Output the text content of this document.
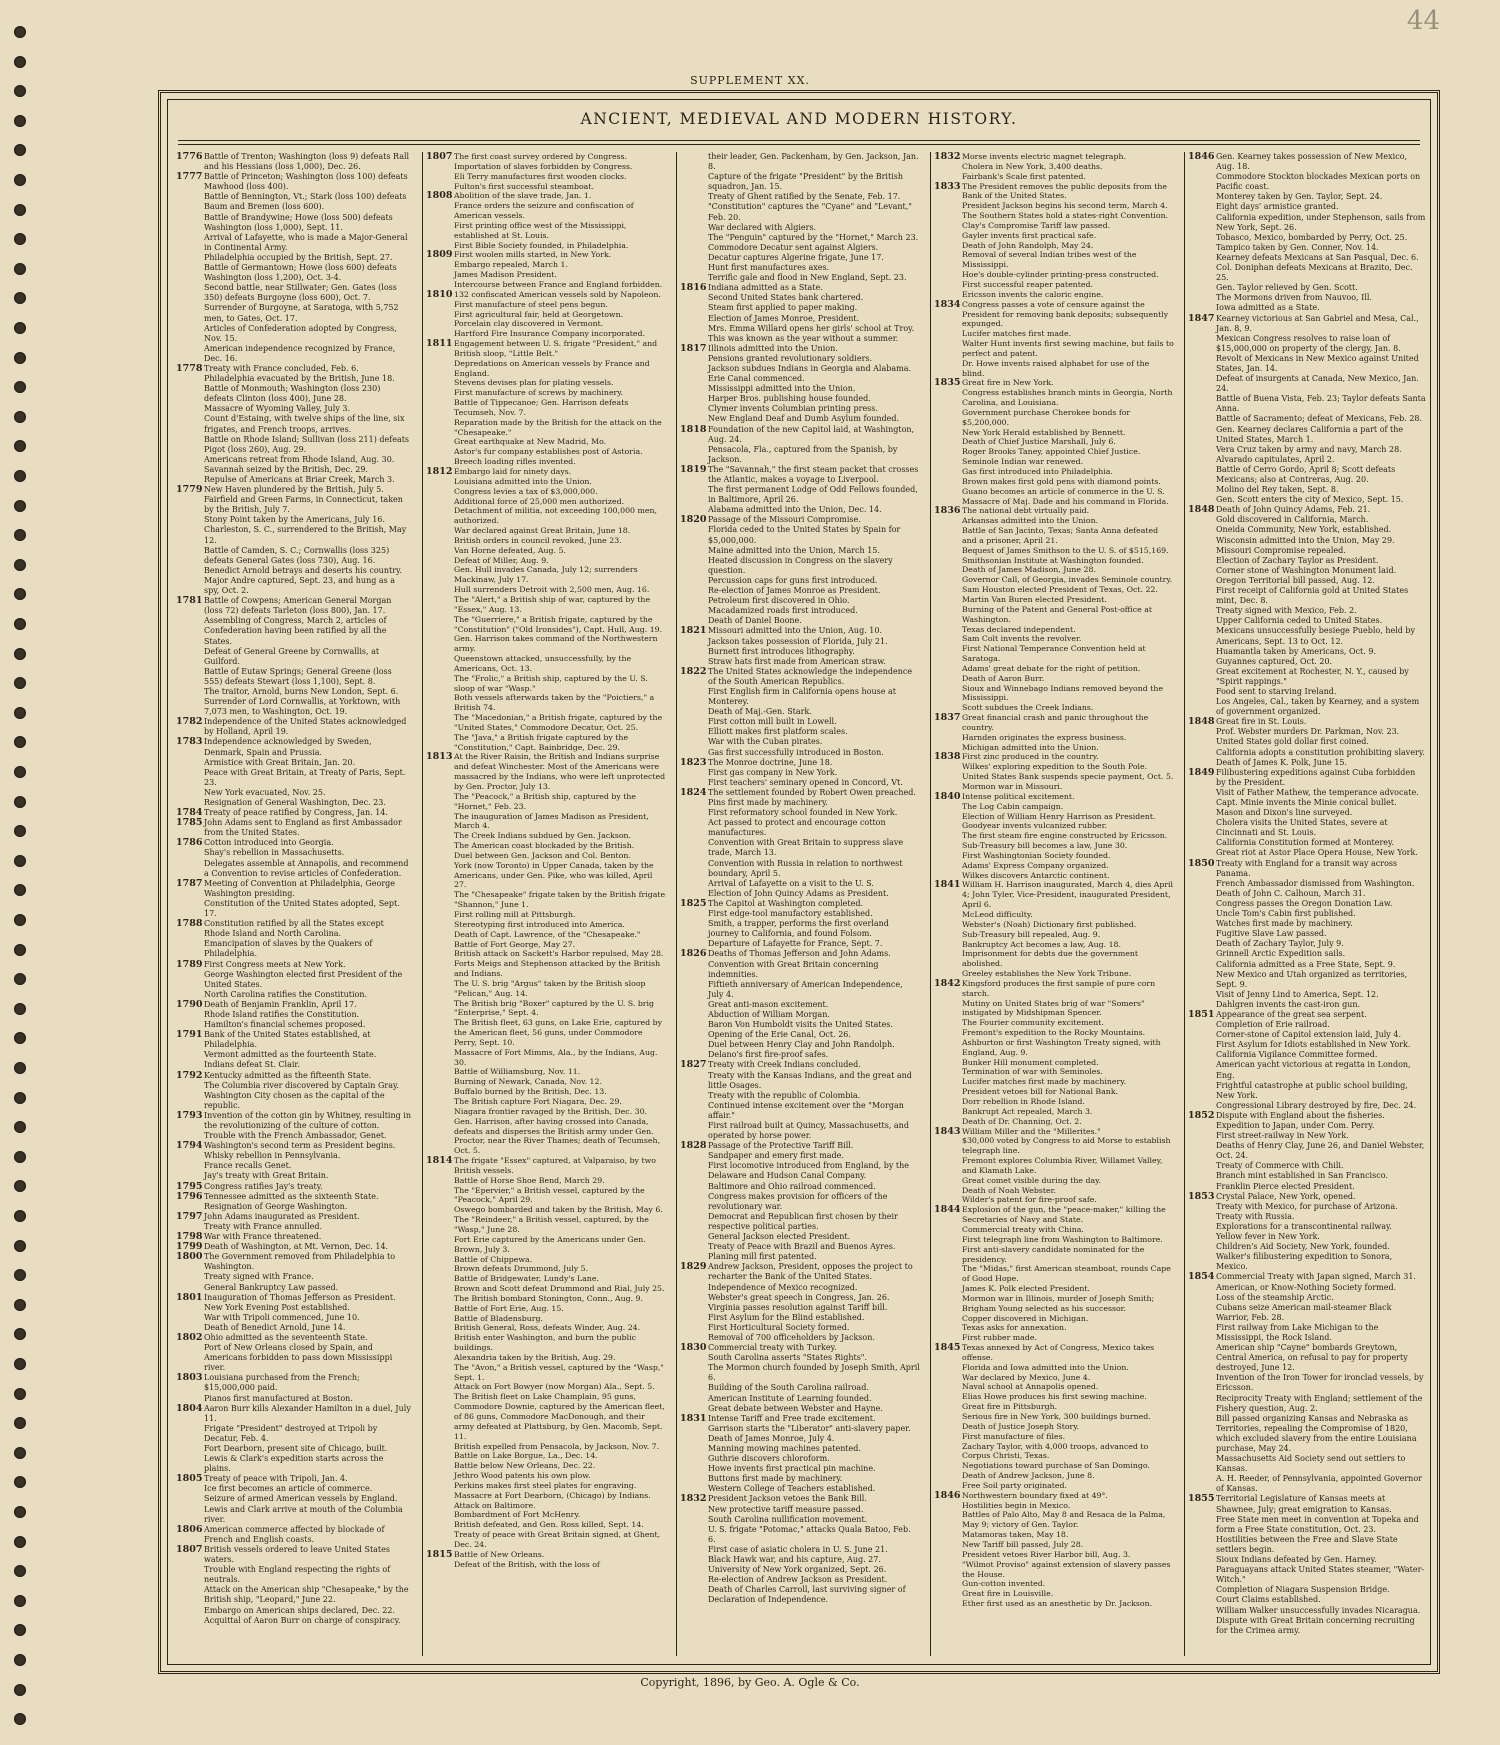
44
SUPPLEMENT XX.
ANCIENT, MEDIEVAL AND MODERN HISTORY.
1776 Battle of Trenton; Washington (loss 9) defeats Rall and his Hessians (loss 1,000), Dec. 26.
1777 Battle of Princeton; Washington (loss 100) defeats Mawhood (loss 400).
Battle of Bennington, Vt.; Stark (loss 100) defeats Baum and Bremen (loss 600).
Battle of Brandywine; Howe (loss 500) defeats Washington (loss 1,000), Sept. 11.
Arrival of Lafayette, who is made a Major-General in Continental Army.
Philadelphia occupied by the British, Sept. 27.
Battle of Germantown; Howe (loss 600) defeats Washington (loss 1,200), Oct. 3-4.
Second battle, near Stillwater; Gen. Gates (loss 350) defeats Burgoyne (loss 600), Oct. 7.
Surrender of Burgoyne, at Saratoga, with 5,752 men, to Gates, Oct. 17.
Articles of Confederation adopted by Congress, Nov. 15.
American independence recognized by France, Dec. 16.
1778 Treaty with France concluded, Feb. 6.
Philadelphia evacuated by the British, June 18.
Battle of Monmouth; Washington (loss 230) defeats Clinton (loss 400), June 28.
Massacre of Wyoming Valley, July 3.
Count d'Estaing, with twelve ships of the line, six frigates, and French troops, arrives.
Battle on Rhode Island; Sullivan (loss 211) defeats Pigot (loss 260), Aug. 29.
Americans retreat from Rhode Island, Aug. 30.
Savannah seized by the British, Dec. 29.
Repulse of Americans at Briar Creek, March 3.
1779 New Haven plundered by the British, July 5.
Fairfield and Green Farms, in Connecticut, taken by the British, July 7.
Stony Point taken by the Americans, July 16.
Charleston, S. C., surrendered to the British, May 12.
Battle of Camden, S. C.; Cornwallis (loss 325) defeats General Gates (loss 730), Aug. 16.
Benedict Arnold betrays and deserts his country.
Major Andre captured, Sept. 23, and hung as a spy, Oct. 2.
1781 Battle of Cowpens; American General Morgan (loss 72) defeats Tarleton (loss 800), Jan. 17.
Assembling of Congress, March 2, articles of Confederation having been ratified by all the States.
Defeat of General Greene by Cornwallis, at Guilford.
Battle of Eutaw Springs; General Greene (loss 555) defeats Stewart (loss 1,100), Sept. 8.
The traitor, Arnold, burns New London, Sept. 6.
Surrender of Lord Cornwallis, at Yorktown, with 7,073 men, to Washington, Oct. 19.
1782 Independence of the United States acknowledged by Holland, April 19.
1783 Independence acknowledged by Sweden, Denmark, Spain and Prussia.
Armistice with Great Britain, Jan. 20.
Peace with Great Britain, at Treaty of Paris, Sept. 23.
New York evacuated, Nov. 25.
Resignation of General Washington, Dec. 23.
1784 Treaty of peace ratified by Congress, Jan. 14.
1785 John Adams sent to England as first Ambassador from the United States.
1786 Cotton introduced into Georgia.
Shay's rebellion in Massachusetts.
Delegates assemble at Annapolis, and recommend a Convention to revise articles of Confederation.
1787 Meeting of Convention at Philadelphia, George Washington presiding.
Constitution of the United States adopted, Sept. 17.
1788 Constitution ratified by all the States except Rhode Island and North Carolina.
Emancipation of slaves by the Quakers of Philadelphia.
1789 First Congress meets at New York.
George Washington elected first President of the United States.
North Carolina ratifies the Constitution.
1790 Death of Benjamin Franklin, April 17.
Rhode Island ratifies the Constitution.
Hamilton's financial schemes proposed.
1791 Bank of the United States established, at Philadelphia.
Vermont admitted as the fourteenth State.
Indians defeat St. Clair.
1792 Kentucky admitted as the fifteenth State.
The Columbia river discovered by Captain Gray.
Washington City chosen as the capital of the republic.
1793 Invention of the cotton gin by Whitney, resulting in the revolutionizing of the culture of cotton.
Trouble with the French Ambassador, Genet.
1794 Washington's second term as President begins.
Whisky rebellion in Pennsylvania.
France recalls Genet.
Jay's treaty with Great Britain.
1795 Congress ratifies Jay's treaty.
1796 Tennessee admitted as the sixteenth State.
Resignation of George Washington.
1797 John Adams inaugurated as President.
Treaty with France annulled.
1798 War with France threatened.
1799 Death of Washington, at Mt. Vernon, Dec. 14.
1800 The Government removed from Philadelphia to Washington.
Treaty signed with France.
General Bankruptcy Law passed.
1801 Inauguration of Thomas Jefferson as President.
New York Evening Post established.
War with Tripoli commenced, June 10.
Death of Benedict Arnold, June 14.
1802 Ohio admitted as the seventeenth State.
Port of New Orleans closed by Spain, and Americans forbidden to pass down Mississippi river.
1803 Louisiana purchased from the French; $15,000,000 paid.
Pianos first manufactured at Boston.
1804 Aaron Burr kills Alexander Hamilton in a duel, July 11.
Frigate "President" destroyed at Tripoli by Decatur, Feb. 4.
Fort Dearborn, present site of Chicago, built.
Lewis & Clark's expedition starts across the plains.
1805 Treaty of peace with Tripoli, Jan. 4.
Ice first becomes an article of commerce.
Seizure of armed American vessels by England.
Lewis and Clark arrive at mouth of the Columbia river.
1806 American commerce affected by blockade of French and English coasts.
1807 British vessels ordered to leave United States waters.
Trouble with England respecting the rights of neutrals.
Attack on the American ship "Chesapeake," by the British ship, "Leopard," June 22.
Embargo on American ships declared, Dec. 22.
Acquittal of Aaron Burr on charge of conspiracy.
1807 The first coast survey ordered by Congress.
Importation of slaves forbidden by Congress.
Eli Terry manufactures first wooden clocks.
Fulton's first successful steamboat.
1808 Abolition of the slave trade, Jan. 1.
France orders the seizure and confiscation of American vessels.
First printing office west of the Mississippi, established at St. Louis.
First Bible Society founded, in Philadelphia.
1809 First woolen mills started, in New York.
Embargo repealed, March 1.
James Madison President.
Intercourse between France and England forbidden.
1810 132 confiscated American vessels sold by Napoleon.
First manufacture of steel pens begun.
First agricultural fair, held at Georgetown.
Porcelain clay discovered in Vermont.
Hartford Fire Insurance Company incorporated.
1811 Engagement between U. S. frigate "President," and British sloop, "Little Belt."
Depredations on American vessels by France and England.
Stevens devises plan for plating vessels.
First manufacture of screws by machinery.
Battle of Tippecanoe; Gen. Harrison defeats Tecumseh, Nov. 7.
Reparation made by the British for the attack on the "Chesapeake."
Great earthquake at New Madrid, Mo.
Astor's fur company establishes post of Astoria.
Breech loading rifles invented.
1812 Embargo laid for ninety days.
Louisiana admitted into the Union.
Congress levies a tax of $3,000,000.
Additional force of 25,000 men authorized.
Detachment of militia, not exceeding 100,000 men, authorized.
War declared against Great Britain, June 18.
British orders in council revoked, June 23.
Van Horne defeated, Aug. 5.
Defeat of Miller, Aug. 9.
Gen. Hull invades Canada, July 12; surrenders Mackinaw, July 17.
Hull surrenders Detroit with 2,500 men, Aug. 16.
The "Alert," a British ship of war, captured by the "Essex," Aug. 13.
The "Guerriere," a British frigate, captured by the "Constitution" ("Old Ironsides"), Capt. Hull, Aug. 19.
Gen. Harrison takes command of the Northwestern army.
Queenstown attacked, unsuccessfully, by the Americans, Oct. 13.
The "Frolic," a British ship, captured by the U. S. sloop of war "Wasp."
Both vessels afterwards taken by the "Poictiers," a British 74.
The "Macedonian," a British frigate, captured by the "United States," Commodore Decatur, Oct. 25.
The "Java," a British frigate captured by the "Constitution," Capt. Bainbridge, Dec. 29.
1813 At the River Raisin, the British and Indians surprise and defeat Winchester. Most of the Americans were massacred by the Indians, who were left unprotected by Gen. Proctor, July 13.
The "Peacock," a British ship, captured by the "Hornet," Feb. 23.
The inauguration of James Madison as President, March 4.
The Creek Indians subdued by Gen. Jackson.
The American coast blockaded by the British.
Duel between Gen. Jackson and Col. Benton.
York (now Toronto) in Upper Canada, taken by the Americans, under Gen. Pike, who was killed, April 27.
The "Chesapeake" frigate taken by the British frigate "Shannon," June 1.
First rolling mill at Pittsburgh.
Stereotyping first introduced into America.
Death of Capt. Lawrence, of the "Chesapeake."
Battle of Fort George, May 27.
British attack on Sackett's Harbor repulsed, May 28.
Forts Meigs and Stephenson attacked by the British and Indians.
The U. S. brig "Argus" taken by the British sloop "Pelican," Aug. 14.
The British brig "Boxer" captured by the U. S. brig "Enterprise," Sept. 4.
The British fleet, 63 guns, on Lake Erie, captured by the American fleet, 56 guns, under Commodore Perry, Sept. 10.
Massacre of Fort Mimms, Ala., by the Indians, Aug. 30.
Battle of Williamsburg, Nov. 11.
Burning of Newark, Canada, Nov. 12.
Buffalo burned by the British, Dec. 13.
The British capture Fort Niagara, Dec. 29.
Niagara frontier ravaged by the British, Dec. 30.
Gen. Harrison, after having crossed into Canada, defeats and disperses the British army under Gen. Proctor, near the River Thames; death of Tecumseh, Oct. 5.
1814 The frigate "Essex" captured, at Valparaiso, by two British vessels.
Battle of Horse Shoe Bend, March 29.
The "Epervier," a British vessel, captured by the "Peacock," April 29.
Oswego bombarded and taken by the British, May 6.
The "Reindeer," a British vessel, captured, by the "Wasp," June 28.
Fort Erie captured by the Americans under Gen. Brown, July 3.
Battle of Chippewa.
Brown defeats Drummond, July 5.
Battle of Bridgewater, Lundy's Lane.
Brown and Scott defeat Drummond and Rial, July 25.
The British bombard Stonington, Conn., Aug. 9.
Battle of Fort Erie, Aug. 15.
Battle of Bladensburg.
British General, Ross, defeats Winder, Aug. 24.
British enter Washington, and burn the public buildings.
Alexandria taken by the British, Aug. 29.
The "Avon," a British vessel, captured by the "Wasp," Sept. 1.
Attack on Fort Bowyer (now Morgan) Ala., Sept. 5.
The British fleet on Lake Champlain, 95 guns, Commodore Downie, captured by the American fleet, of 86 guns, Commodore MacDonough, and their army defeated at Plattsburg, by Gen. Macomb, Sept. 11.
British expelled from Pensacola, by Jackson, Nov. 7.
Battle on Lake Borgue, La., Dec. 14.
Battle below New Orleans, Dec. 22.
Jethro Wood patents his own plow.
Perkins makes first steel plates for engraving.
Massacre at Fort Dearborn, (Chicago) by Indians.
Attack on Baltimore.
Bombardment of Fort McHenry.
British defeated, and Gen. Ross killed, Sept. 14.
Treaty of peace with Great Britain signed, at Ghent, Dec. 24.
1815 Battle of New Orleans.
Defeat of the British, with the loss of
their leader, Gen. Packenham, by Gen. Jackson, Jan. 8.
Capture of the frigate "President" by the British squadron, Jan. 15.
Treaty of Ghent ratified by the Senate, Feb. 17.
"Constitution" captures the "Cyane" and "Levant," Feb. 20.
War declared with Algiers.
The "Penguin" captured by the "Hornet," March 23.
Commodore Decatur sent against Algiers.
Decatur captures Algerine frigate, June 17.
Hunt first manufactures axes.
Terrific gale and flood in New England, Sept. 23.
1816 Indiana admitted as a State.
Second United States bank chartered.
Steam first applied to paper making.
Election of James Monroe, President.
Mrs. Emma Willard opens her girls' school at Troy.
This was known as the year without a summer.
1817 Illinois admitted into the Union.
Pensions granted revolutionary soldiers.
Jackson subdues Indians in Georgia and Alabama.
Erie Canal commenced.
Mississippi admitted into the Union.
Harper Bros. publishing house founded.
Clymer invents Columbian printing press.
New England Deaf and Dumb Asylum founded.
1818 Foundation of the new Capitol laid, at Washington, Aug. 24.
Pensacola, Fla., captured from the Spanish, by Jackson.
1819 The "Savannah," the first steam packet that crosses the Atlantic, makes a voyage to Liverpool.
The first permanent Lodge of Odd Fellows founded, in Baltimore, April 26.
Alabama admitted into the Union, Dec. 14.
1820 Passage of the Missouri Compromise.
Florida ceded to the United States by Spain for $5,000,000.
Maine admitted into the Union, March 15.
Heated discussion in Congress on the slavery question.
Percussion caps for guns first introduced.
Re-election of James Monroe as President.
Petroleum first discovered in Ohio.
Macadamized roads first introduced.
Death of Daniel Boone.
1821 Missouri admitted into the Union, Aug. 10.
Jackson takes possession of Florida, July 21.
Burnett first introduces lithography.
Straw hats first made from American straw.
1822 The United States acknowledge the independence of the South American Republics.
First English firm in California opens house at Monterey.
Death of Maj.-Gen. Stark.
First cotton mill built in Lowell.
Elliott makes first platform scales.
War with the Cuban pirates.
Gas first successfully introduced in Boston.
1823 The Monroe doctrine, June 18.
First gas company in New York.
First teachers' seminary opened in Concord, Vt.
1824 The settlement founded by Robert Owen preached.
Pins first made by machinery.
First reformatory school founded in New York.
Act passed to protect and encourage cotton manufactures.
Convention with Great Britain to suppress slave trade, March 13.
Convention with Russia in relation to northwest boundary, April 5.
Arrival of Lafayette on a visit to the U. S.
Election of John Quincy Adams as President.
1825 The Capitol at Washington completed.
First edge-tool manufactory established.
Smith, a trapper, performs the first overland journey to California, and found Folsom.
Departure of Lafayette for France, Sept. 7.
1826 Deaths of Thomas Jefferson and John Adams.
Convention with Great Britain concerning indemnities.
Fiftieth anniversary of American Independence, July 4.
Great anti-mason excitement.
Abduction of William Morgan.
Baron Von Humboldt visits the United States.
Opening of the Erie Canal, Oct. 26.
Duel between Henry Clay and John Randolph.
Delano's first fire-proof safes.
1827 Treaty with Creek Indians concluded.
Treaty with the Kansas Indians, and the great and little Osages.
Treaty with the republic of Colombia.
Continued intense excitement over the "Morgan affair."
First railroad built at Quincy, Massachusetts, and operated by horse power.
1828 Passage of the Protective Tariff Bill.
Sandpaper and emery first made.
First locomotive introduced from England, by the Delaware and Hudson Canal Company.
Baltimore and Ohio railroad commenced.
Congress makes provision for officers of the revolutionary war.
Democrat and Republican first chosen by their respective political parties.
General Jackson elected President.
Treaty of Peace with Brazil and Buenos Ayres.
Planing mill first patented.
1829 Andrew Jackson, President, opposes the project to recharter the Bank of the United States.
Independence of Mexico recognized.
Webster's great speech in Congress, Jan. 26.
Virginia passes resolution against Tariff bill.
First Asylum for the Blind established.
First Horticultural Society formed.
Removal of 700 officeholders by Jackson.
1830 Commercial treaty with Turkey.
South Carolina asserts "States Rights".
The Mormon church founded by Joseph Smith, April 6.
Building of the South Carolina railroad.
American Institute of Learning founded.
Great debate between Webster and Hayne.
1831 Intense Tariff and Free trade excitement.
Garrison starts the "Liberator" anti-slavery paper.
Death of James Monroe, July 4.
Manning mowing machines patented.
Guthrie discovers chloroform.
Howe invents first practical pin machine.
Buttons first made by machinery.
Western College of Teachers established.
1832 President Jackson vetoes the Bank Bill.
New protective tariff measure passed.
South Carolina nullification movement.
U. S. frigate "Potomac," attacks Quala Batoo, Feb. 6.
First case of asiatic cholera in U. S. June 21.
Black Hawk war, and his capture, Aug. 27.
University of New York organized, Sept. 26.
Re-election of Andrew Jackson as President.
Death of Charles Carroll, last surviving signer of Declaration of Independence.
1832 Morse invents electric magnet telegraph.
Cholera in New York, 3,400 deaths.
Fairbank's Scale first patented.
1833 The President removes the public deposits from the Bank of the United States.
President Jackson begins his second term, March 4.
The Southern States hold a states-right Convention.
Clay's Compromise Tariff law passed.
Gayler invents first practical safe.
Death of John Randolph, May 24.
Removal of several Indian tribes west of the Mississippi.
Hoe's double-cylinder printing-press constructed.
First successful reaper patented.
Ericsson invents the caloric engine.
1834 Congress passes a vote of censure against the President for removing bank deposits; subsequently expunged.
Lucifer matches first made.
Walter Hunt invents first sewing machine, but fails to perfect and patent.
Dr. Howe invents raised alphabet for use of the blind.
1835 Great fire in New York.
Congress establishes branch mints in Georgia, North Carolina, and Louisiana.
Government purchase Cherokee bonds for $5,200,000.
New York Herald established by Bennett.
Death of Chief Justice Marshall, July 6.
Roger Brooks Taney, appointed Chief Justice.
Seminole Indian war renewed.
Gas first introduced into Philadelphia.
Brown makes first gold pens with diamond points.
Guano becomes an article of commerce in the U. S.
Massacre of Maj. Dade and his command in Florida.
1836 The national debt virtually paid.
Arkansas admitted into the Union.
Battle of San Jacinto, Texas; Santa Anna defeated and a prisoner, April 21.
Bequest of James Smithson to the U. S. of $515,169.
Smithsonian Institute at Washington founded.
Death of James Madison, June 28.
Governor Call, of Georgia, invades Seminole country.
Sam Houston elected President of Texas, Oct. 22.
Martin Van Buren elected President.
Burning of the Patent and General Post-office at Washington.
Texas declared independent.
Sam Colt invents the revolver.
First National Temperance Convention held at Saratoga.
Adams' great debate for the right of petition.
Death of Aaron Burr.
Sioux and Winnebago Indians removed beyond the Mississippi.
Scott subdues the Creek Indians.
1837 Great financial crash and panic throughout the country.
Harnden originates the express business.
Michigan admitted into the Union.
1838 First zinc produced in the country.
Wilkes' exploring expedition to the South Pole.
United States Bank suspends specie payment, Oct. 5.
Mormon war in Missouri.
1840 Intense political excitement.
The Log Cabin campaign.
Election of William Henry Harrison as President.
Goodyear invents vulcanized rubber.
The first steam fire engine constructed by Ericsson.
Sub-Treasury bill becomes a law, June 30.
First Washingtonian Society founded.
Adams' Express Company organized.
Wilkes discovers Antarctic continent.
1841 William H. Harrison inaugurated, March 4, dies April 4; John Tyler, Vice-President, inaugurated President, April 6.
McLeod difficulty.
Webster's (Noah) Dictionary first published.
Sub-Treasury bill repealed, Aug. 9.
Bankruptcy Act becomes a law, Aug. 18.
Imprisonment for debts due the government abolished.
Greeley establishes the New York Tribune.
1842 Kingsford produces the first sample of pure corn starch.
Mutiny on United States brig of war "Somers" instigated by Midshipman Spencer.
The Fourier community excitement.
Fremont's expedition to the Rocky Mountains.
Ashburton or first Washington Treaty signed, with England, Aug. 9.
Bunker Hill monument completed.
Termination of war with Seminoles.
Lucifer matches first made by machinery.
President vetoes bill for National Bank.
Dorr rebellion in Rhode Island.
Bankrupt Act repealed, March 3.
Death of Dr. Channing, Oct. 2.
1843 William Miller and the "Millerites."
$30,000 voted by Congress to aid Morse to establish telegraph line.
Fremont explores Columbia River, Willamet Valley, and Klamath Lake.
Great comet visible during the day.
Death of Noah Webster.
Wilder's patent for fire-proof safe.
1844 Explosion of the gun, the "peace-maker," killing the Secretaries of Navy and State.
Commercial treaty with China.
First telegraph line from Washington to Baltimore.
First anti-slavery candidate nominated for the presidency.
The "Midas," first American steamboat, rounds Cape of Good Hope.
James K. Polk elected President.
Mormon war in Illinois, murder of Joseph Smith; Brigham Young selected as his successor.
Copper discovered in Michigan.
Texas asks for annexation.
First rubber made.
1845 Texas annexed by Act of Congress, Mexico takes offense.
Florida and Iowa admitted into the Union.
War declared by Mexico, June 4.
Naval school at Annapolis opened.
Elias Howe produces his first sewing machine.
Great fire in Pittsburgh.
Serious fire in New York, 300 buildings burned.
Death of Justice Joseph Story.
First manufacture of files.
Zachary Taylor, with 4,000 troops, advanced to Corpus Christi, Texas.
Negotiations toward purchase of San Domingo.
Death of Andrew Jackson, June 8.
Free Soil party originated.
1846 Northwestern boundary fixed at 49°.
Hostilities begin in Mexico.
Battles of Palo Alto, May 8 and Resaca de la Palma, May 9; victory of Gen. Taylor.
Matamoras taken, May 18.
New Tariff bill passed, July 28.
President vetoes River Harbor bill, Aug. 3.
"Wilmot Proviso" against extension of slavery passes the House.
Gun-cotton invented.
Great fire in Louisville.
Ether first used as an anesthetic by Dr. Jackson.
1846 Gen. Kearney takes possession of New Mexico, Aug. 18.
Commodore Stockton blockades Mexican ports on Pacific coast.
Monterey taken by Gen. Taylor, Sept. 24.
Eight days' armistice granted.
California expedition, under Stephenson, sails from New York, Sept. 26.
Tobasco, Mexico, bombarded by Perry, Oct. 25.
Tampico taken by Gen. Conner, Nov. 14.
Kearney defeats Mexicans at San Pasqual, Dec. 6.
Col. Doniphan defeats Mexicans at Brazito, Dec. 25.
Gen. Taylor relieved by Gen. Scott.
The Mormons driven from Nauvoo, Ill.
Iowa admitted as a State.
1847 Kearney victorious at San Gabriel and Mesa, Cal., Jan. 8, 9.
Mexican Congress resolves to raise loan of $15,000,000 on property of the clergy, Jan. 8.
Revolt of Mexicans in New Mexico against United States, Jan. 14.
Defeat of insurgents at Canada, New Mexico, Jan. 24.
Battle of Buena Vista, Feb. 23; Taylor defeats Santa Anna.
Battle of Sacramento; defeat of Mexicans, Feb. 28.
Gen. Kearney declares California a part of the United States, March 1.
Vera Cruz taken by army and navy, March 28.
Alvarado capitulates, April 2.
Battle of Cerro Gordo, April 8; Scott defeats Mexicans; also at Contreras, Aug. 20.
Molino del Rey taken, Sept. 8.
Gen. Scott enters the city of Mexico, Sept. 15.
1848 Death of John Quincy Adams, Feb. 21.
Gold discovered in California, March.
Oneida Community, New York, established.
Wisconsin admitted into the Union, May 29.
Missouri Compromise repealed.
Election of Zachary Taylor as President.
Corner stone of Washington Monument laid.
Oregon Territorial bill passed, Aug. 12.
First receipt of California gold at United States mint, Dec. 8.
Treaty signed with Mexico, Feb. 2.
Upper California ceded to United States.
Mexicans unsuccessfully besiege Pueblo, held by Americans, Sept. 13 to Oct. 12.
Huamantla taken by Americans, Oct. 9.
Guyannes captured, Oct. 20.
Great excitement at Rochester, N. Y., caused by "Spirit rappings."
Food sent to starving Ireland.
Los Angeles, Cal., taken by Kearney, and a system of government organized.
1848 Great fire in St. Louis.
Prof. Webster murders Dr. Parkman, Nov. 23.
United States gold dollar first coined.
California adopts a constitution prohibiting slavery.
Death of James K. Polk, June 15.
1849 Filibustering expeditions against Cuba forbidden by the President.
Visit of Father Mathew, the temperance advocate.
Capt. Minie invents the Minie conical bullet.
Mason and Dixon's line surveyed.
Cholera visits the United States, severe at Cincinnati and St. Louis.
California Constitution formed at Monterey.
Great riot at Astor Place Opera House, New York.
1850 Treaty with England for a transit way across Panama.
French Ambassador dismissed from Washington.
Death of John C. Calhoun, March 31.
Congress passes the Oregon Donation Law.
Uncle Tom's Cabin first published.
Watches first made by machinery.
Fugitive Slave Law passed.
Death of Zachary Taylor, July 9.
Grinnell Arctic Expedition sails.
California admitted as a Free State, Sept. 9.
New Mexico and Utah organized as territories, Sept. 9.
Visit of Jenny Lind to America, Sept. 12.
Dahlgren invents the cast-iron gun.
1851 Appearance of the great sea serpent.
Completion of Erie railroad.
Corner-stone of Capitol extension laid, July 4.
First Asylum for Idiots established in New York.
California Vigilance Committee formed.
American yacht victorious at regatta in London, Eng.
Frightful catastrophe at public school building, New York.
Congressional Library destroyed by fire, Dec. 24.
1852 Dispute with England about the fisheries.
Expedition to Japan, under Com. Perry.
First street-railway in New York.
Deaths of Henry Clay, June 26, and Daniel Webster, Oct. 24.
Treaty of Commerce with Chili.
Branch mint established in San Francisco.
Franklin Pierce elected President.
1853 Crystal Palace, New York, opened.
Treaty with Mexico, for purchase of Arizona.
Treaty with Russia.
Explorations for a transcontinental railway.
Yellow fever in New York.
Children's Aid Society, New York, founded.
Walker's filibustering expedition to Sonora, Mexico.
1854 Commercial Treaty with Japan signed, March 31.
American, or Know-Nothing Society formed.
Loss of the steamship Arctic.
Cubans seize American mail-steamer Black Warrior, Feb. 28.
First railway from Lake Michigan to the Mississippi, the Rock Island.
American ship "Cayne" bombards Greytown, Central America, on refusal to pay for property destroyed, June 12.
Invention of the Iron Tower for ironclad vessels, by Ericsson.
Reciprocity Treaty with England; settlement of the Fishery question, Aug. 2.
Bill passed organizing Kansas and Nebraska as Territories, repealing the Compromise of 1820, which excluded slavery from the entire Louisiana purchase, May 24.
Massachusetts Aid Society send out settlers to Kansas.
A. H. Reeder, of Pennsylvania, appointed Governor of Kansas.
1855 Territorial Legislature of Kansas meets at Shawnee, July; great emigration to Kansas.
Free State men meet in convention at Topeka and form a Free State constitution, Oct. 23.
Hostilities between the Free and Slave State settlers begin.
Sioux Indians defeated by Gen. Harney.
Paraguayans attack United States steamer, "Water-Witch."
Completion of Niagara Suspension Bridge.
Court Claims established.
William Walker unsuccessfully invades Nicaragua.
Dispute with Great Britain concerning recruiting for the Crimea army.
Copyright, 1896, by Geo. A. Ogle & Co.
